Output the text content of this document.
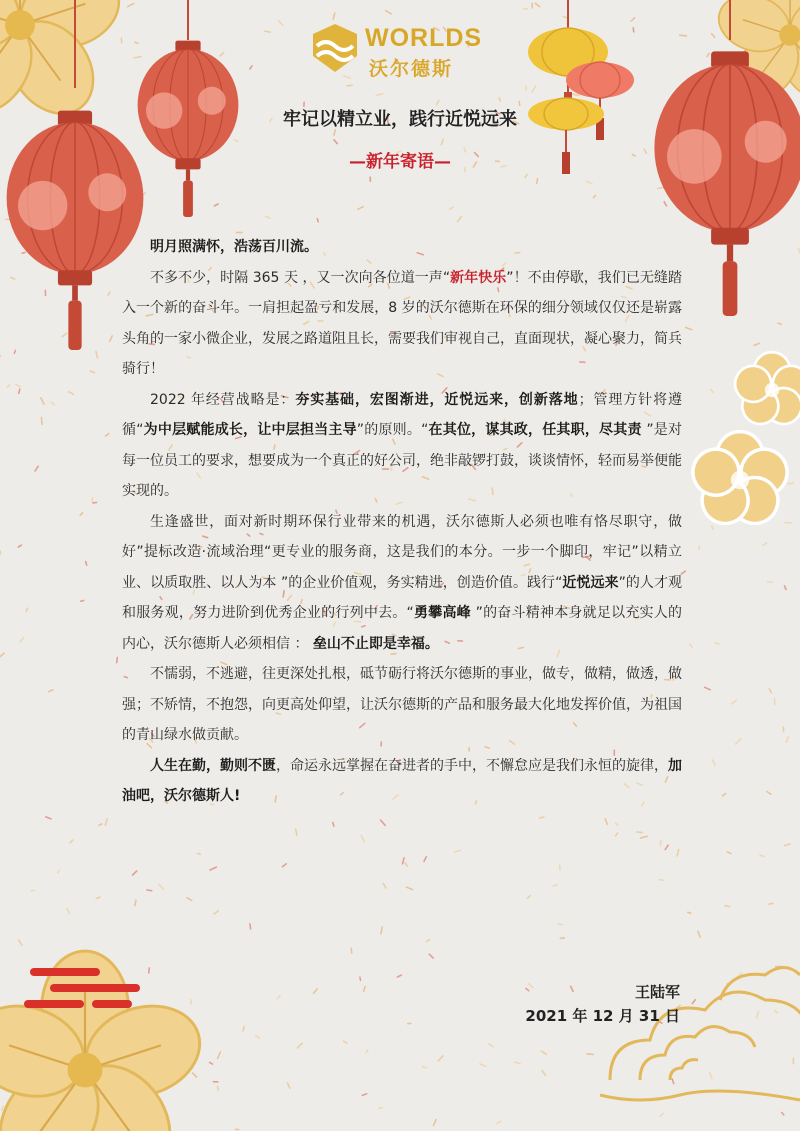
WORLDS
沃尔德斯
牢记以精立业，践行近悦远来
—新年寄语—

明月照满怀，浩荡百川流。

不多不少，时隔 365 天 ，又一次向各位道一声“新年快乐”！不由停歇，我们已无缝踏入一个新的奋斗年。一肩担起盈亏和发展，8 岁的沃尔德斯在环保的细分领域仅仅还是崭露头角的一家小微企业，发展之路道阻且长，需要我们审视自己，直面现状，凝心聚力，简兵骑行！

2022 年经营战略是：夯实基础，宏图渐进，近悦远来，创新落地；管理方针将遵循“为中层赋能成长，让中层担当主导”的原则。“在其位，谋其政，任其职，尽其责 ”是对每一位员工的要求，想要成为一个真正的好公司，绝非敲锣打鼓，谈谈情怀，轻而易举便能实现的。

生逢盛世，面对新时期环保行业带来的机遇，沃尔德斯人必须也唯有恪尽职守，做好”提标改造·流域治理“更专业的服务商，这是我们的本分。一步一个脚印，牢记”以精立业、以质取胜、以人为本 ”的企业价值观，务实精进，创造价值。践行“近悦远来”的人才观和服务观，努力进阶到优秀企业的行列中去。“勇攀高峰 ”的奋斗精神本身就足以充实人的内心，沃尔德斯人必须相信 ： 垒山不止即是幸福。

不懦弱，不逃避，往更深处扎根，砥节砺行将沃尔德斯的事业，做专，做精，做透，做强；不矫情，不抱怨，向更高处仰望，让沃尔德斯的产品和服务最大化地发挥价值，为祖国的青山绿水做贡献。

人生在勤，勤则不匮，命运永远掌握在奋进者的手中，不懈怠应是我们永恒的旋律，加油吧，沃尔德斯人!

王陆军
2021 年 12 月 31 日
